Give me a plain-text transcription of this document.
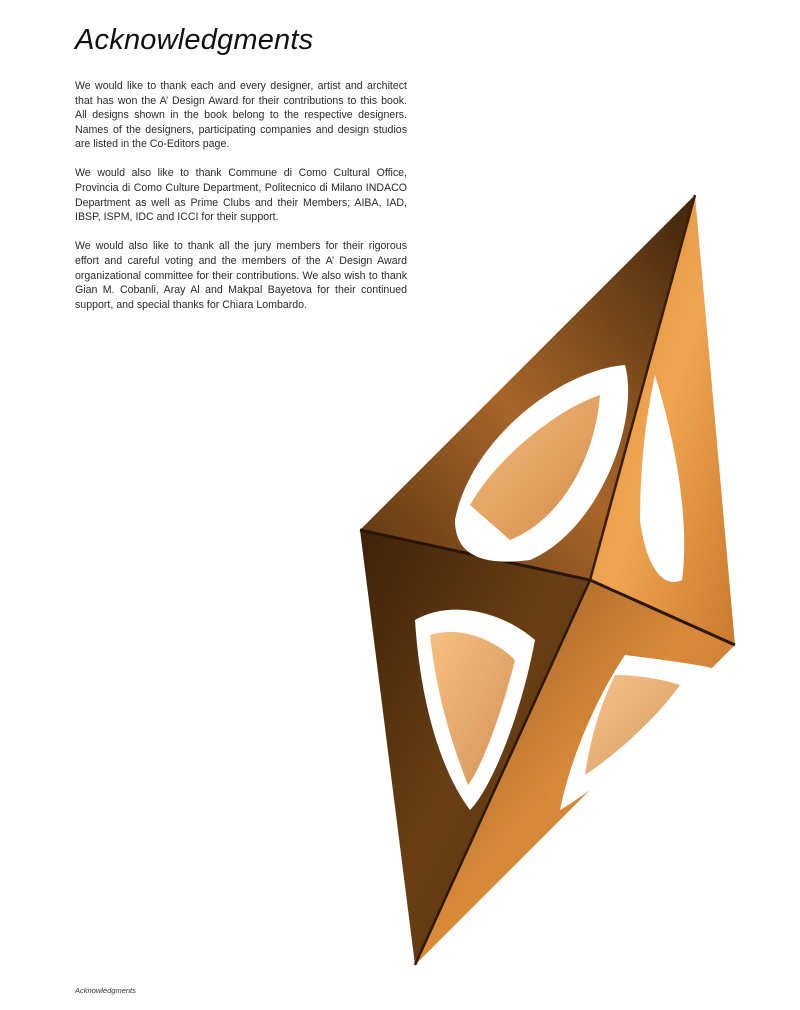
Acknowledgments

We would like to thank each and every designer, artist and architect that has won the A’ Design Award for their contributions to this book. All designs shown in the book belong to the respective designers. Names of the designers, participating companies and design studios are listed in the Co-Editors page.

We would also like to thank Commune di Como Cultural Office, Provincia di Como Culture Department, Politecnico di Milano INDACO Department as well as Prime Clubs and their Members; AIBA, IAD, IBSP, ISPM, IDC and ICCI for their support.

We would also like to thank all the jury members for their rigorous effort and careful voting and the members of the A’ Design Award organizational committee for their contributions. We also wish to thank Gian M. Cobanli, Aray Al and Makpal Bayetova for their continued support, and special thanks for Chiara Lombardo.

Acknowledgments
